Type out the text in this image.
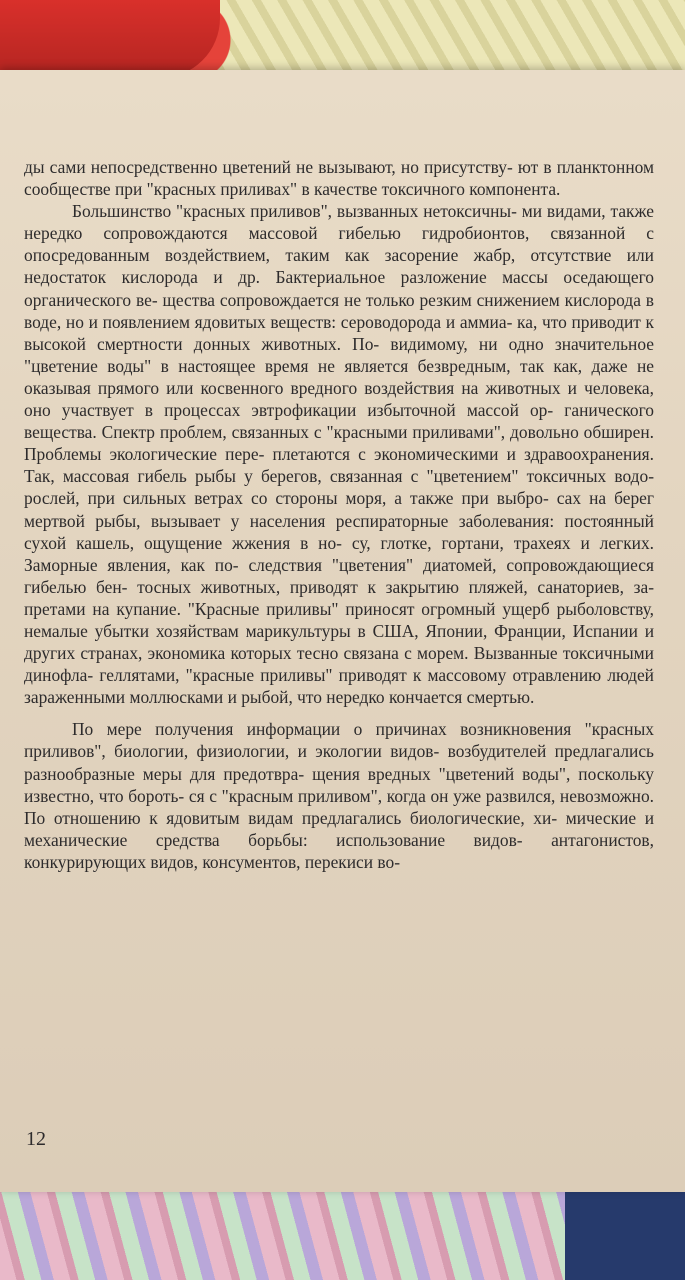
ды сами непосредственно цветений не вызывают, но присутству- ют в планктонном сообществе при "красных приливах" в качестве токсичного компонента.

Большинство "красных приливов", вызванных нетоксичны- ми видами, также нередко сопровождаются массовой гибелью гидробионтов, связанной с опосредованным воздействием, таким как засорение жабр, отсутствие или недостаток кислорода и др. Бактериальное разложение массы оседающего органического ве- щества сопровождается не только резким снижением кислорода в воде, но и появлением ядовитых веществ: сероводорода и аммиа- ка, что приводит к высокой смертности донных животных. По- видимому, ни одно значительное "цветение воды" в настоящее время не является безвредным, так как, даже не оказывая прямого или косвенного вредного воздействия на животных и человека, оно участвует в процессах эвтрофикации избыточной массой ор- ганического вещества. Спектр проблем, связанных с "красными приливами", довольно обширен. Проблемы экологические пере- плетаются с экономическими и здравоохранения. Так, массовая гибель рыбы у берегов, связанная с "цветением" токсичных водо- рослей, при сильных ветрах со стороны моря, а также при выбро- сах на берег мертвой рыбы, вызывает у населения респираторные заболевания: постоянный сухой кашель, ощущение жжения в но- су, глотке, гортани, трахеях и легких. Заморные явления, как по- следствия "цветения" диатомей, сопровождающиеся гибелью бен- тосных животных, приводят к закрытию пляжей, санаториев, за- претами на купание. "Красные приливы" приносят огромный ущерб рыболовству, немалые убытки хозяйствам марикультуры в США, Японии, Франции, Испании и других странах, экономика которых тесно связана с морем. Вызванные токсичными динофла- геллятами, "красные приливы" приводят к массовому отравлению людей зараженными моллюсками и рыбой, что нередко кончается смертью.

По мере получения информации о причинах возникновения "красных приливов", биологии, физиологии, и экологии видов- возбудителей предлагались разнообразные меры для предотвра- щения вредных "цветений воды", поскольку известно, что бороть- ся с "красным приливом", когда он уже развился, невозможно. По отношению к ядовитым видам предлагались биологические, хи- мические и механические средства борьбы: использование видов- антагонистов, конкурирующих видов, консументов, перекиси во-

12
